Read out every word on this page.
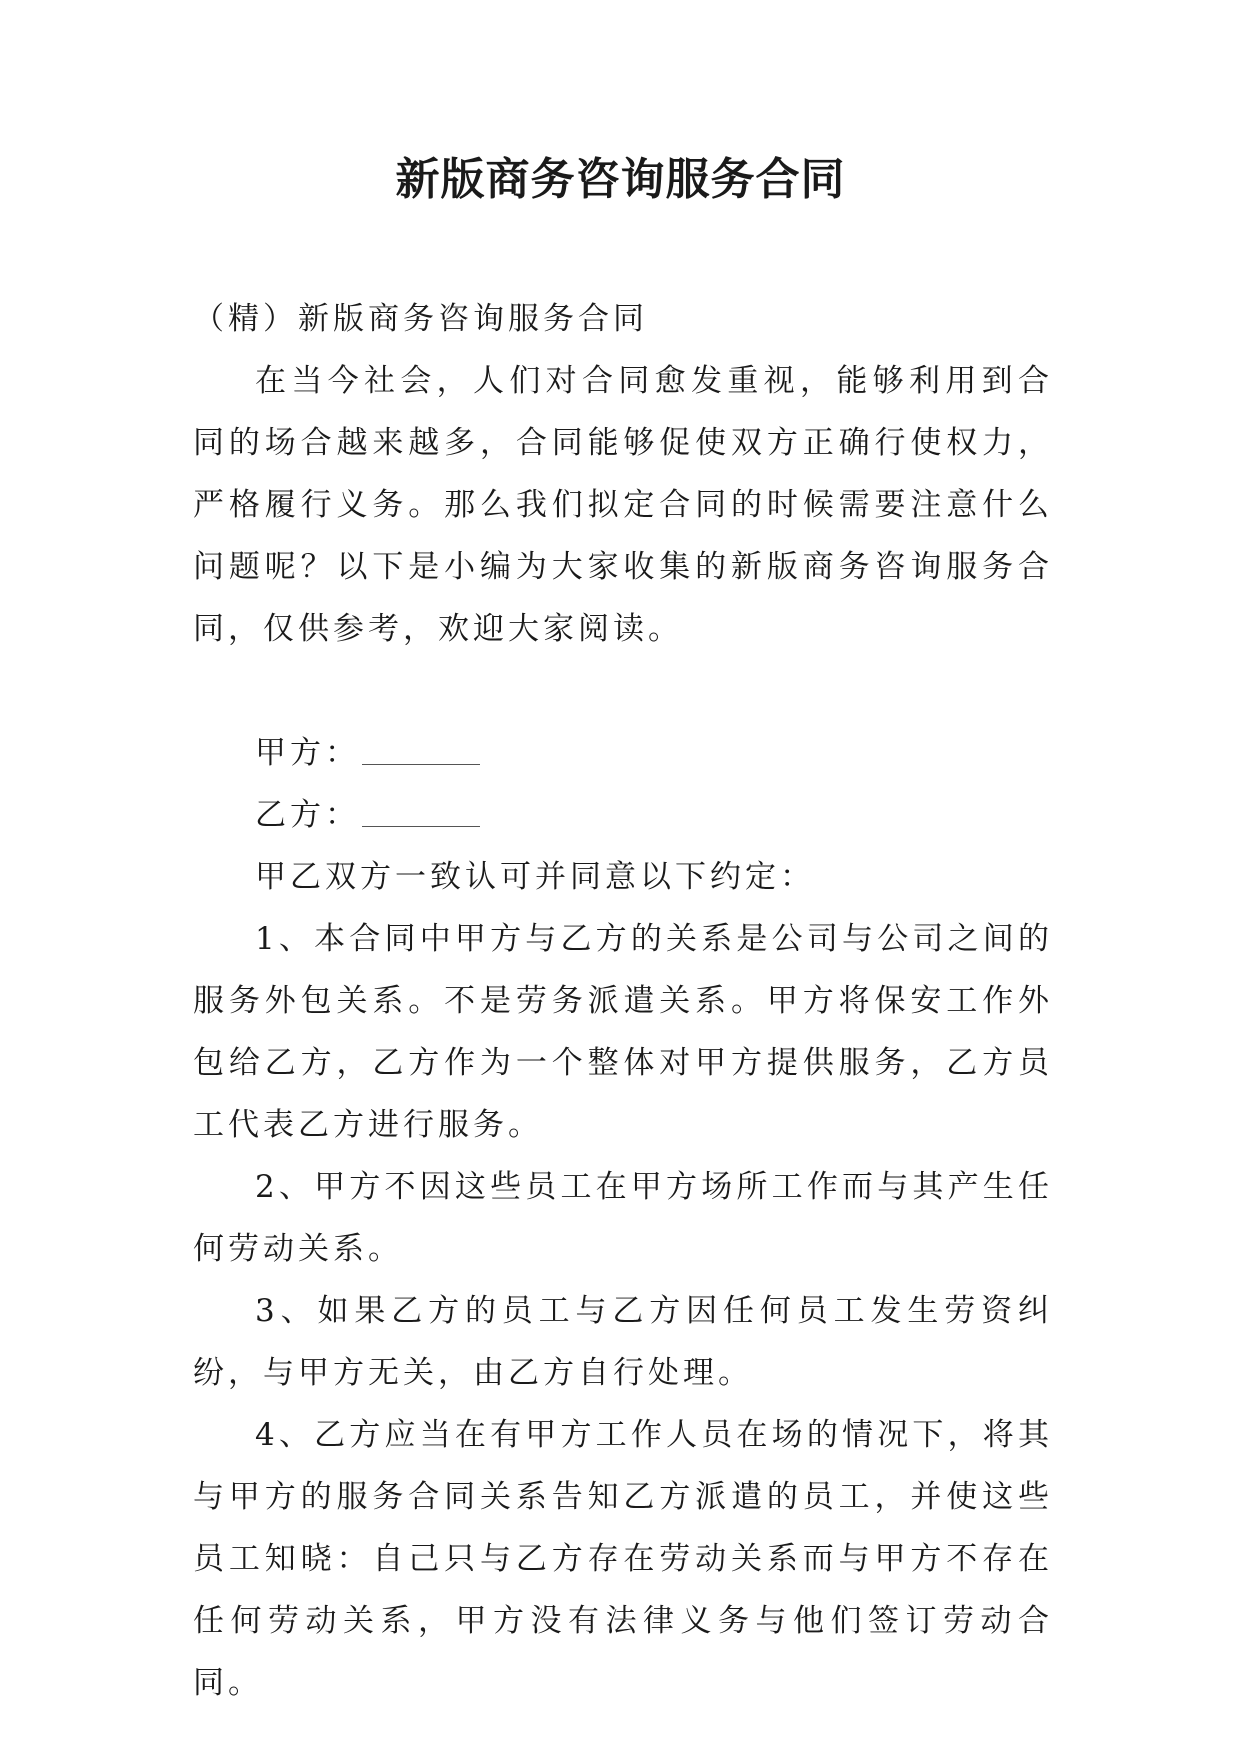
新版商务咨询服务合同

（精）新版商务咨询服务合同

在当今社会，人们对合同愈发重视，能够利用到合同的场合越来越多，合同能够促使双方正确行使权力，严格履行义务。那么我们拟定合同的时候需要注意什么问题呢？以下是小编为大家收集的新版商务咨询服务合同，仅供参考，欢迎大家阅读。

甲方：

乙方：

甲乙双方一致认可并同意以下约定：

1、本合同中甲方与乙方的关系是公司与公司之间的服务外包关系。不是劳务派遣关系。甲方将保安工作外包给乙方，乙方作为一个整体对甲方提供服务，乙方员工代表乙方进行服务。

2、甲方不因这些员工在甲方场所工作而与其产生任何劳动关系。

3、如果乙方的员工与乙方因任何员工发生劳资纠纷，与甲方无关，由乙方自行处理。

4、乙方应当在有甲方工作人员在场的情况下，将其与甲方的服务合同关系告知乙方派遣的员工，并使这些员工知晓：自己只与乙方存在劳动关系而与甲方不存在任何劳动关系，甲方没有法律义务与他们签订劳动合同。
